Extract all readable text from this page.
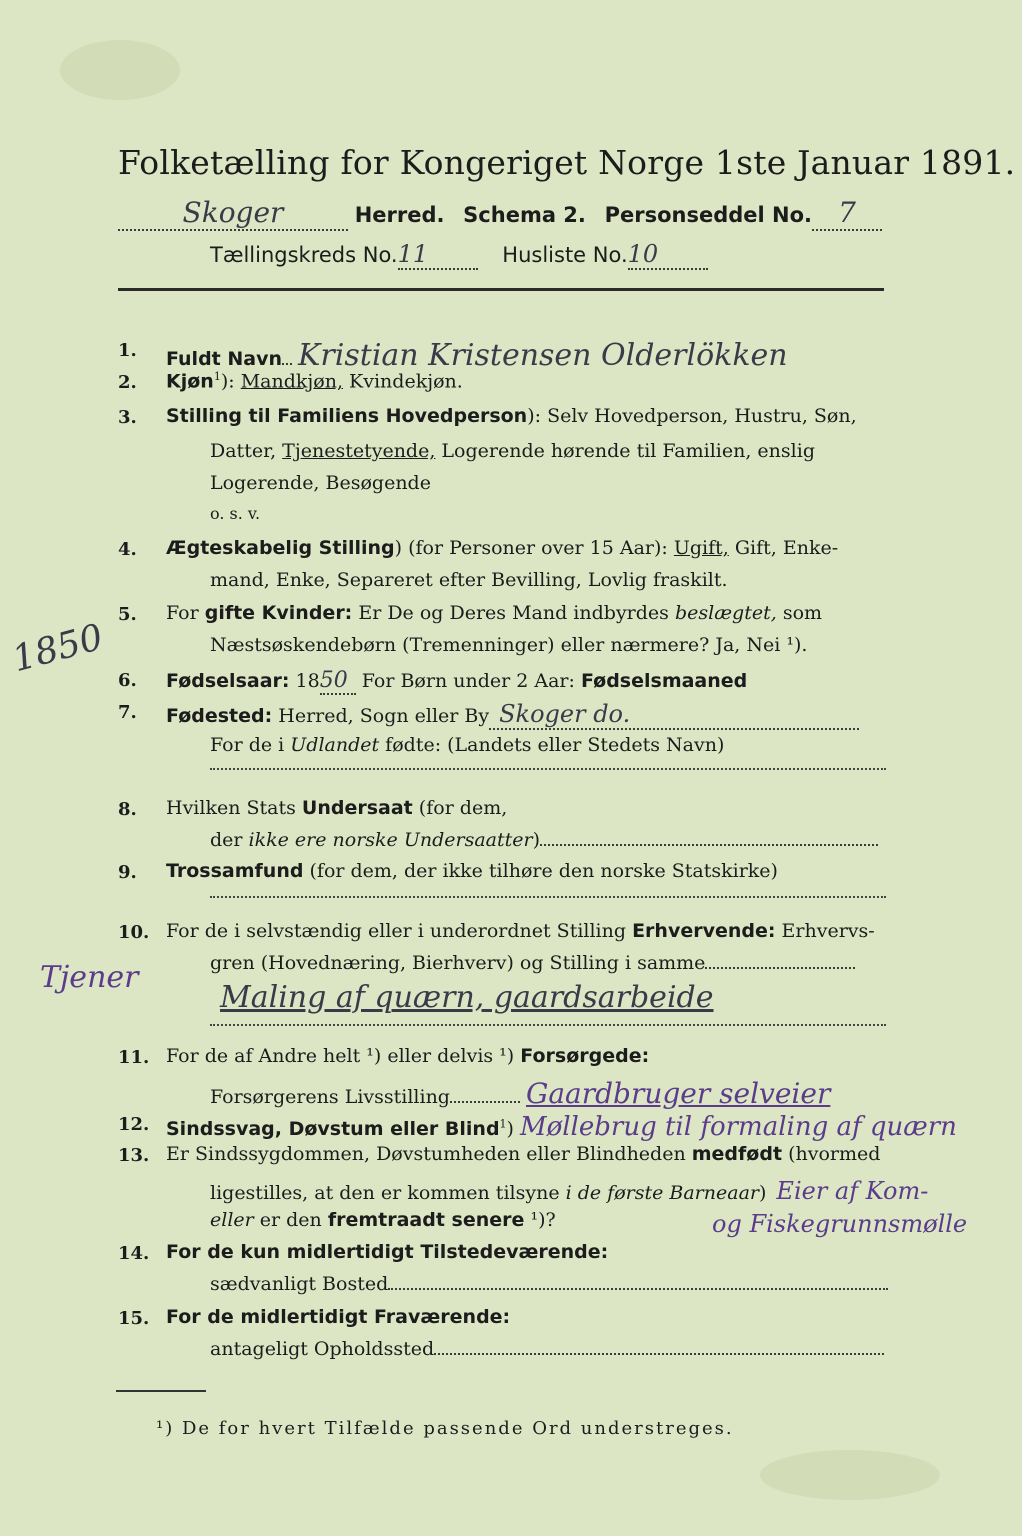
Folketælling for Kongeriget Norge 1ste Januar 1891.
Skoger	Herred. Schema 2. Personseddel No. 7
Tællingskreds No.11	Husliste No.10
1850
Tjener
1. Fuldt Navn Kristian Kristensen Olderlökken
2. Kjøn$^1$): Mandkjøn, Kvindekjøn.
3. Stilling til Familiens Hovedperson): Selv Hovedperson, Hustru, Søn,
Datter, Tjenestetyende, Logerende hørende til Familien, enslig
Logerende, Besøgende
o. s. v.
4. Ægteskabelig Stilling) (for Personer over 15 Aar): Ugift, Gift, Enke-
mand, Enke, Separeret efter Bevilling, Lovlig fraskilt.
5. For gifte Kvinder: Er De og Deres Mand indbyrdes beslægtet, som
Næstsøskendebørn (Tremenninger) eller nærmere? Ja, Nei ¹).
6. Fødselsaar: 1850 For Børn under 2 Aar: Fødselsmaaned
7. Fødested: Herred, Sogn eller By Skoger do.
For de i Udlandet fødte: (Landets eller Stedets Navn)
8. Hvilken Stats Undersaat (for dem,
der ikke ere norske Undersaatter)
9. Trossamfund (for dem, der ikke tilhøre den norske Statskirke)
10. For de i selvstændig eller i underordnet Stilling Erhvervende: Erhvervs-
gren (Hovednæring, Bierhverv) og Stilling i samme
Maling af quærn, gaardsarbeide
11. For de af Andre helt ¹) eller delvis ¹) Forsørgede:
Forsørgerens Livsstilling	Gaardbruger selveier
12. Sindssvag, Døvstum eller Blind$^1$) Møllebrug til formaling af quærn
13. Er Sindssygdommen, Døvstumheden eller Blindheden medfødt (hvormed
ligestilles, at den er kommen tilsyne i de første Barneaar) Eier af Kom-
eller er den fremtraadt senere ¹)?	og Fiskegrunnsmølle
14. For de kun midlertidigt Tilstedeværende:
sædvanligt Bosted
15. For de midlertidigt Fraværende:
antageligt Opholdssted
¹) De for hvert Tilfælde passende Ord understreges.
